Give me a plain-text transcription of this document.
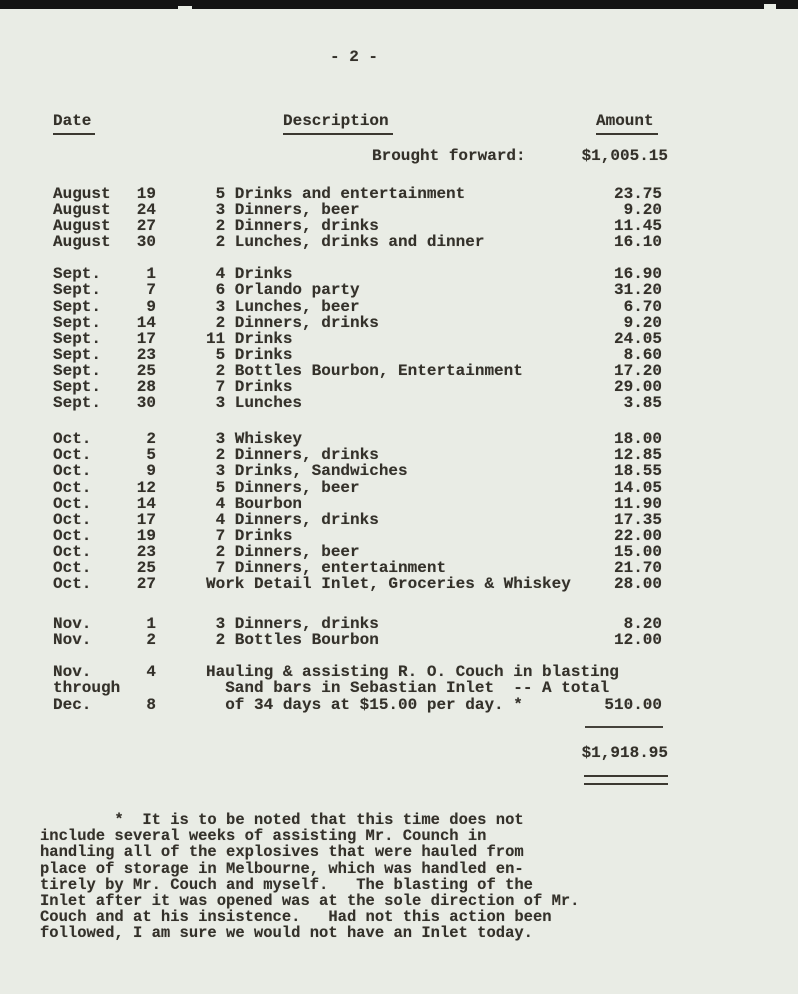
- 2 -
Date	Description	Amount
Brought forward:	$1,005.15
August	19	5 Drinks and entertainment	23.75
August	24	3 Dinners, beer	9.20
August	27	2 Dinners, drinks	11.45
August	30	2 Lunches, drinks and dinner	16.10
Sept.	1	4 Drinks	16.90
Sept.	7	6 Orlando party	31.20
Sept.	9	3 Lunches, beer	6.70
Sept.	14	2 Dinners, drinks	9.20
Sept.	17	11 Drinks	24.05
Sept.	23	5 Drinks	8.60
Sept.	25	2 Bottles Bourbon, Entertainment	17.20
Sept.	28	7 Drinks	29.00
Sept.	30	3 Lunches	3.85
Oct.	2	3 Whiskey	18.00
Oct.	5	2 Dinners, drinks	12.85
Oct.	9	3 Drinks, Sandwiches	18.55
Oct.	12	5 Dinners, beer	14.05
Oct.	14	4 Bourbon	11.90
Oct.	17	4 Dinners, drinks	17.35
Oct.	19	7 Drinks	22.00
Oct.	23	2 Dinners, beer	15.00
Oct.	25	7 Dinners, entertainment	21.70
Oct.	27	Work Detail Inlet, Groceries & Whiskey	28.00
Nov.	1	3 Dinners, drinks	8.20
Nov.	2	2 Bottles Bourbon	12.00
Nov.	4	Hauling & assisting R. O. Couch in blasting
through	Sand bars in Sebastian Inlet  -- A total
Dec.	8	of 34 days at $15.00 per day. *	510.00
$1,918.95
*  It is to be noted that this time does not
include several weeks of assisting Mr. Counch in
handling all of the explosives that were hauled from
place of storage in Melbourne, which was handled en-
tirely by Mr. Couch and myself.   The blasting of the
Inlet after it was opened was at the sole direction of Mr.
Couch and at his insistence.   Had not this action been
followed, I am sure we would not have an Inlet today.
